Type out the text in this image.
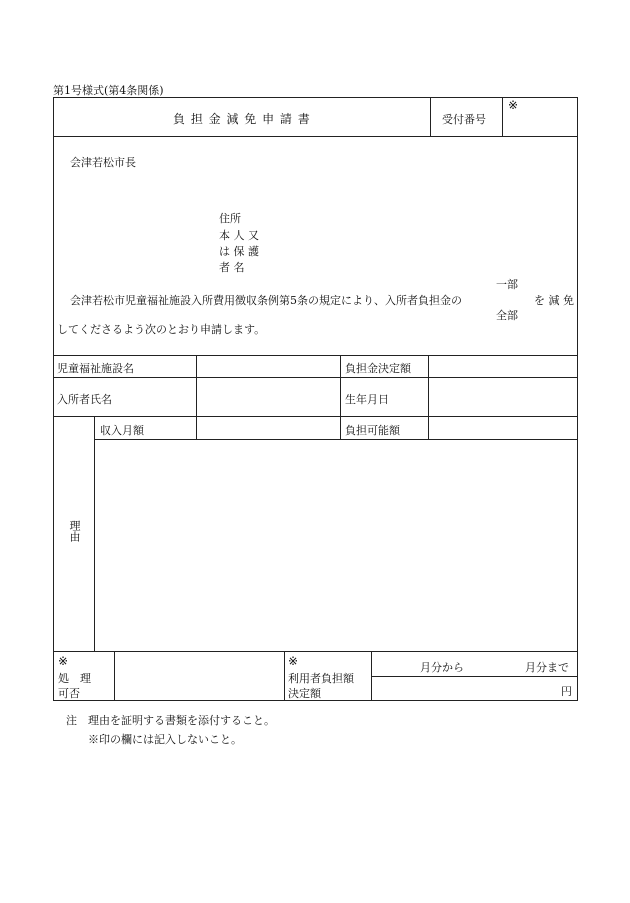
第1号様式(第4条関係)
負 担 金 減 免 申 請 書	受付番号
※
会津若松市長
住所
本 人 又
は 保 護
者 名
一部
会津若松市児童福祉施設入所費用徴収条例第5条の規定により、入所者負担金の	を 減 免
全部
してくださるよう次のとおり申請します。
児童福祉施設名	負担金決定額
入所者氏名	生年月日
収入月額	負担可能額
理由
※
処　理
可否
※
利用者負担額
決定額
月分から	月分まで
円
注 理由を証明する書類を添付すること。
※印の欄には記入しないこと。
